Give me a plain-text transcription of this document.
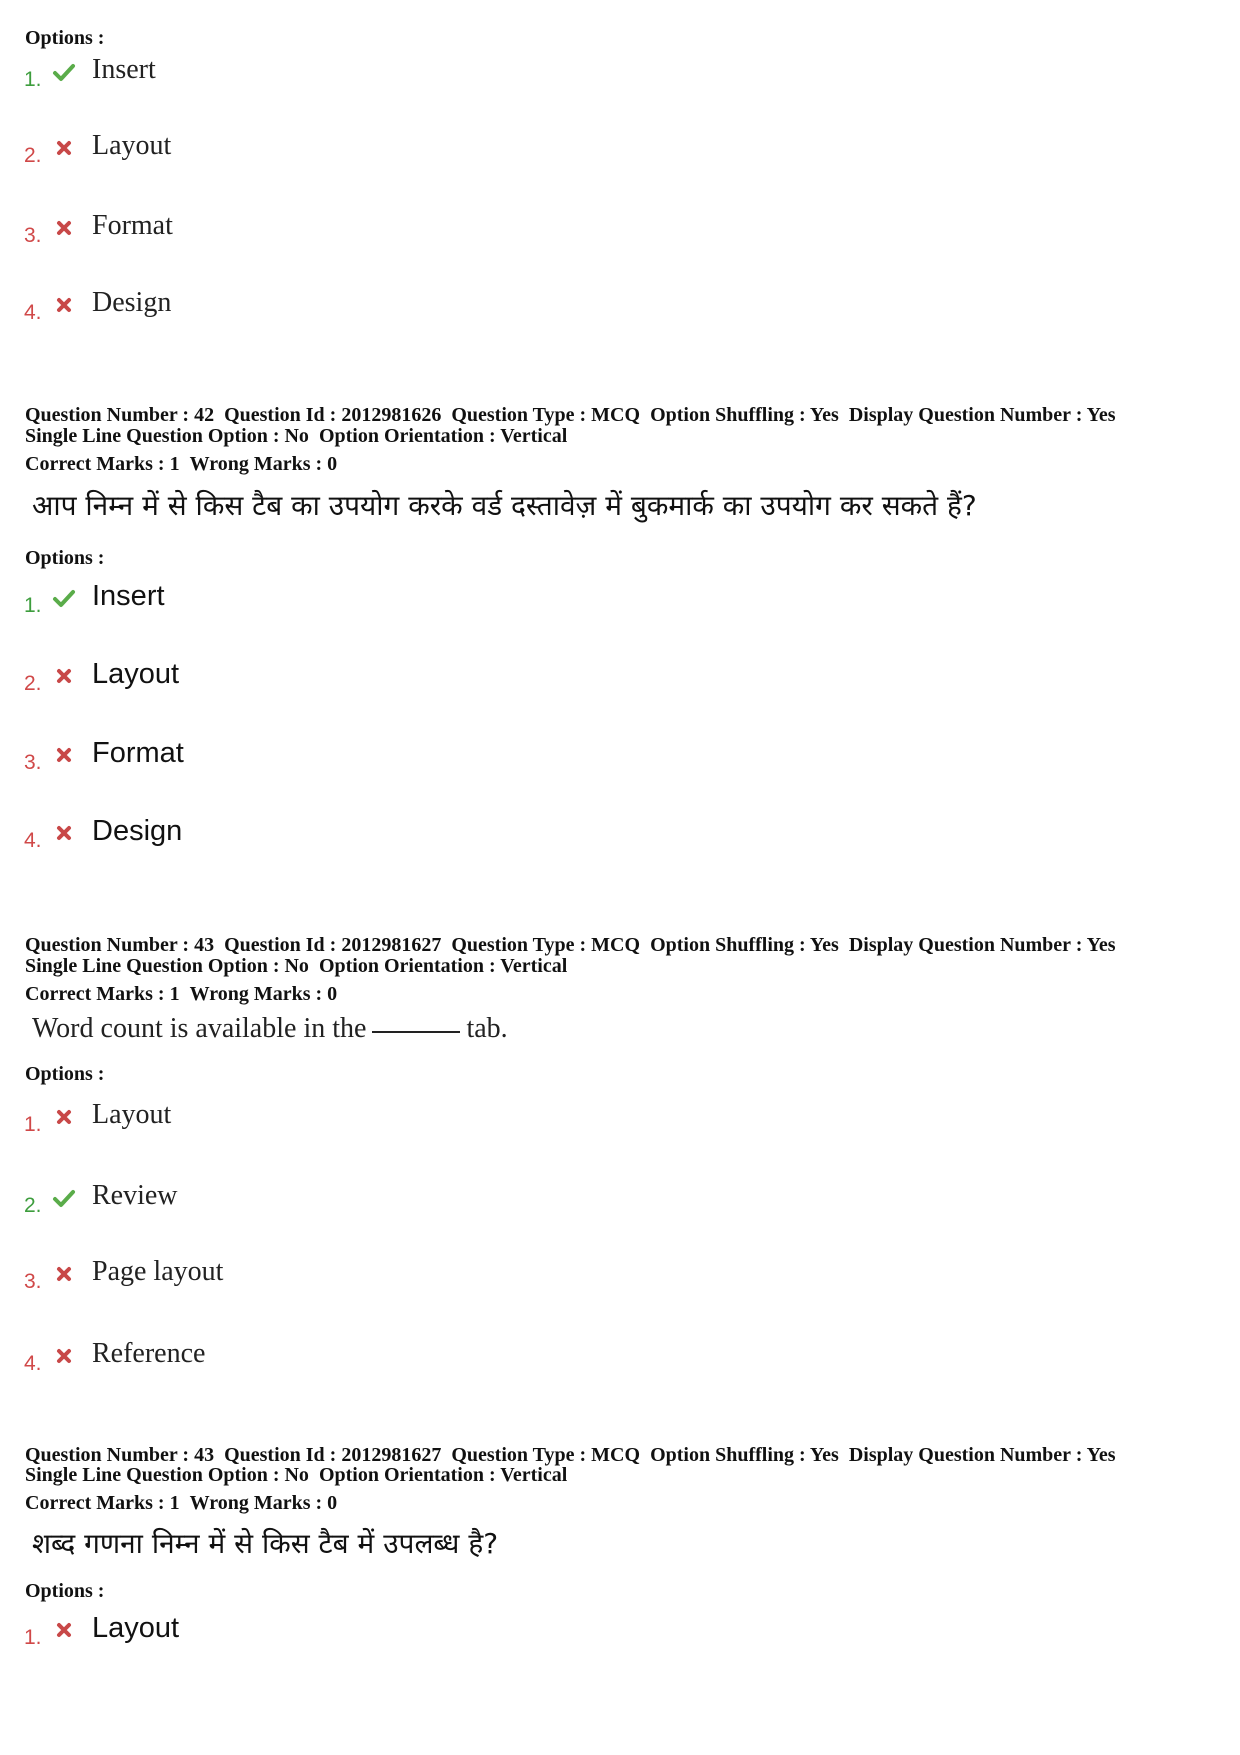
Options :
1. Insert
2. Layout
3. Format
4. Design
Question Number : 42 Question Id : 2012981626 Question Type : MCQ Option Shuffling : Yes Display Question Number : Yes
Single Line Question Option : No Option Orientation : Vertical
Correct Marks : 1 Wrong Marks : 0
आप निम्न में से किस टैब का उपयोग करके वर्ड दस्तावेज़ में बुकमार्क का उपयोग कर सकते हैं?
Options :
1. Insert
2. Layout
3. Format
4. Design
Question Number : 43 Question Id : 2012981627 Question Type : MCQ Option Shuffling : Yes Display Question Number : Yes
Single Line Question Option : No Option Orientation : Vertical
Correct Marks : 1 Wrong Marks : 0
Word count is available in the	tab.
Options :
1. Layout
2. Review
3. Page layout
4. Reference
Question Number : 43 Question Id : 2012981627 Question Type : MCQ Option Shuffling : Yes Display Question Number : Yes
Single Line Question Option : No Option Orientation : Vertical
Correct Marks : 1 Wrong Marks : 0
शब्द गणना निम्न में से किस टैब में उपलब्ध है?
Options :
1. Layout
